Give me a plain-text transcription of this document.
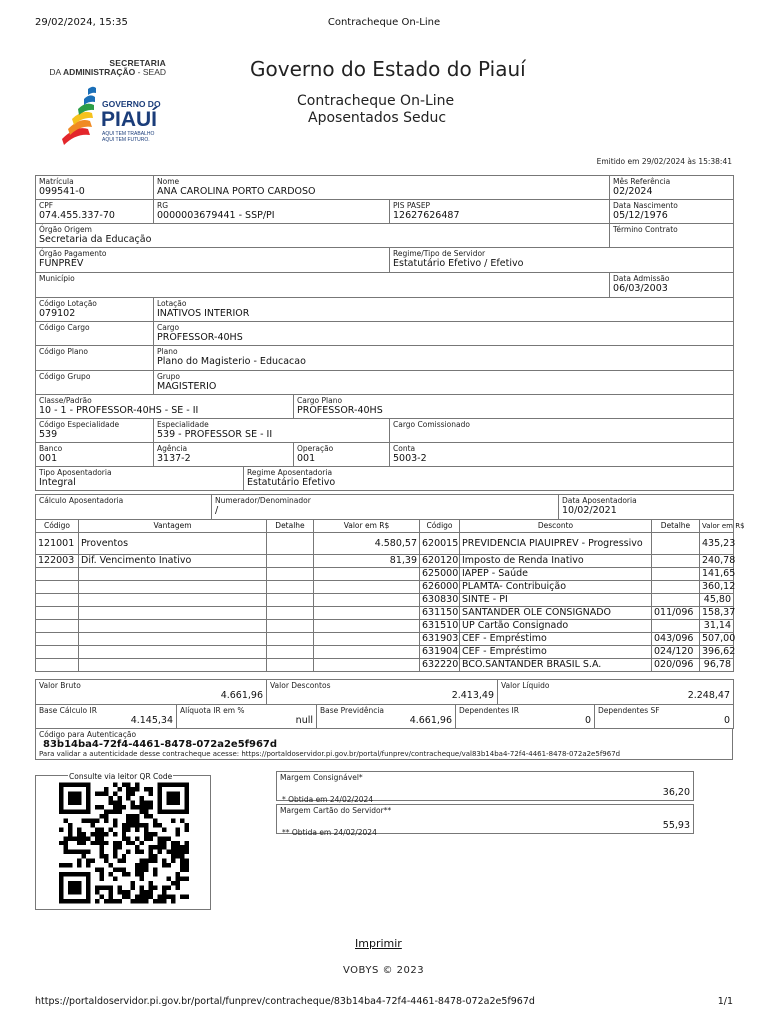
29/02/2024, 15:35	Contracheque On-Line
SECRETARIA
DA ADMINISTRAÇÃO - SEAD
GOVERNO DO
PIAUÍ
AQUI TEM TRABALHO
AQUI TEM FUTURO.
Governo do Estado do Piauí
Contracheque On-Line
Aposentados Seduc
Emitido em 29/02/2024 às 15:38:41
Matrícula
099541-0	Nome
ANA CAROLINA PORTO CARDOSO				Mês Referência
02/2024

CPF
074.455.337-70	RG
0000003679441 - SSP/PI			PIS PASEP
12627626487	Data Nascimento
05/12/1976

Órgão Origem
Secretaria da Educação					Término Contrato

Órgão Pagamento
FUNPREV				Regime/Tipo de Servidor
Estatutário Efetivo / Efetivo	

Município					Data Admissão
06/03/2003

Código Lotação
079102	Lotação
INATIVOS INTERIOR				

Código Cargo	Cargo
PROFESSOR-40HS				

Código Plano	Plano
Plano do Magisterio - Educacao				

Código Grupo	Grupo
MAGISTERIO				

Classe/Padrão
10 - 1 - PROFESSOR-40HS - SE - II			Cargo Plano
PROFESSOR-40HS		

Código Especialidade
539	Especialidade
539 - PROFESSOR SE - II			Cargo Comissionado	

Banco
001	Agência
3137-2		Operação
001	Conta
5003-2	

Tipo Aposentadoria
Integral		Regime Aposentadoria
Estatutário Efetivo			
Cálculo Aposentadoria	Numerador/Denominador
/

Data Aposentadoria
10/02/2021
Código	Vantagem	Detalhe	Valor em R$	Código	Desconto	Detalhe	Valor em R$
121001	Proventos		4.580,57	620015	PREVIDENCIA PIAUIPREV - Progressivo		435,23
122003	Dif. Vencimento Inativo		81,39	620120	Imposto de Renda Inativo		240,78
				625000	IAPEP - Saúde		141,65
				626000	PLAMTA- Contribuição		360,12
				630830	SINTE - PI		45,80
				631150	SANTANDER OLE CONSIGNADO	011/096	158,37
				631510	UP Cartão Consignado		31,14
				631903	CEF - Empréstimo	043/096	507,00
				631904	CEF - Empréstimo	024/120	396,62
				632220	BCO.SANTANDER BRASIL S.A.	020/096	96,78
Valor Bruto
4.661,96

Valor Descontos
2.413,49

Valor Líquido
2.248,47
Base Cálculo IR
4.145,34

Alíquota IR em %
null

Base Previdência
4.661,96

Dependentes IR
0

Dependentes SF
0
Código para Autenticação
83b14ba4-72f4-4461-8478-072a2e5f967d
Para validar a autenticidade desse contracheque acesse: https://portaldoservidor.pi.gov.br/portal/funprev/contracheque/val83b14ba4-72f4-4461-8478-072a2e5f967d
Consulte via leitor QR Code	Margem Consignável*
36,20
* Obtida em 24/02/2024
Margem Cartão do Servidor**
55,93
** Obtida em 24/02/2024
Imprimir
VOBYS © 2023
https://portaldoservidor.pi.gov.br/portal/funprev/contracheque/83b14ba4-72f4-4461-8478-072a2e5f967d	1/1
